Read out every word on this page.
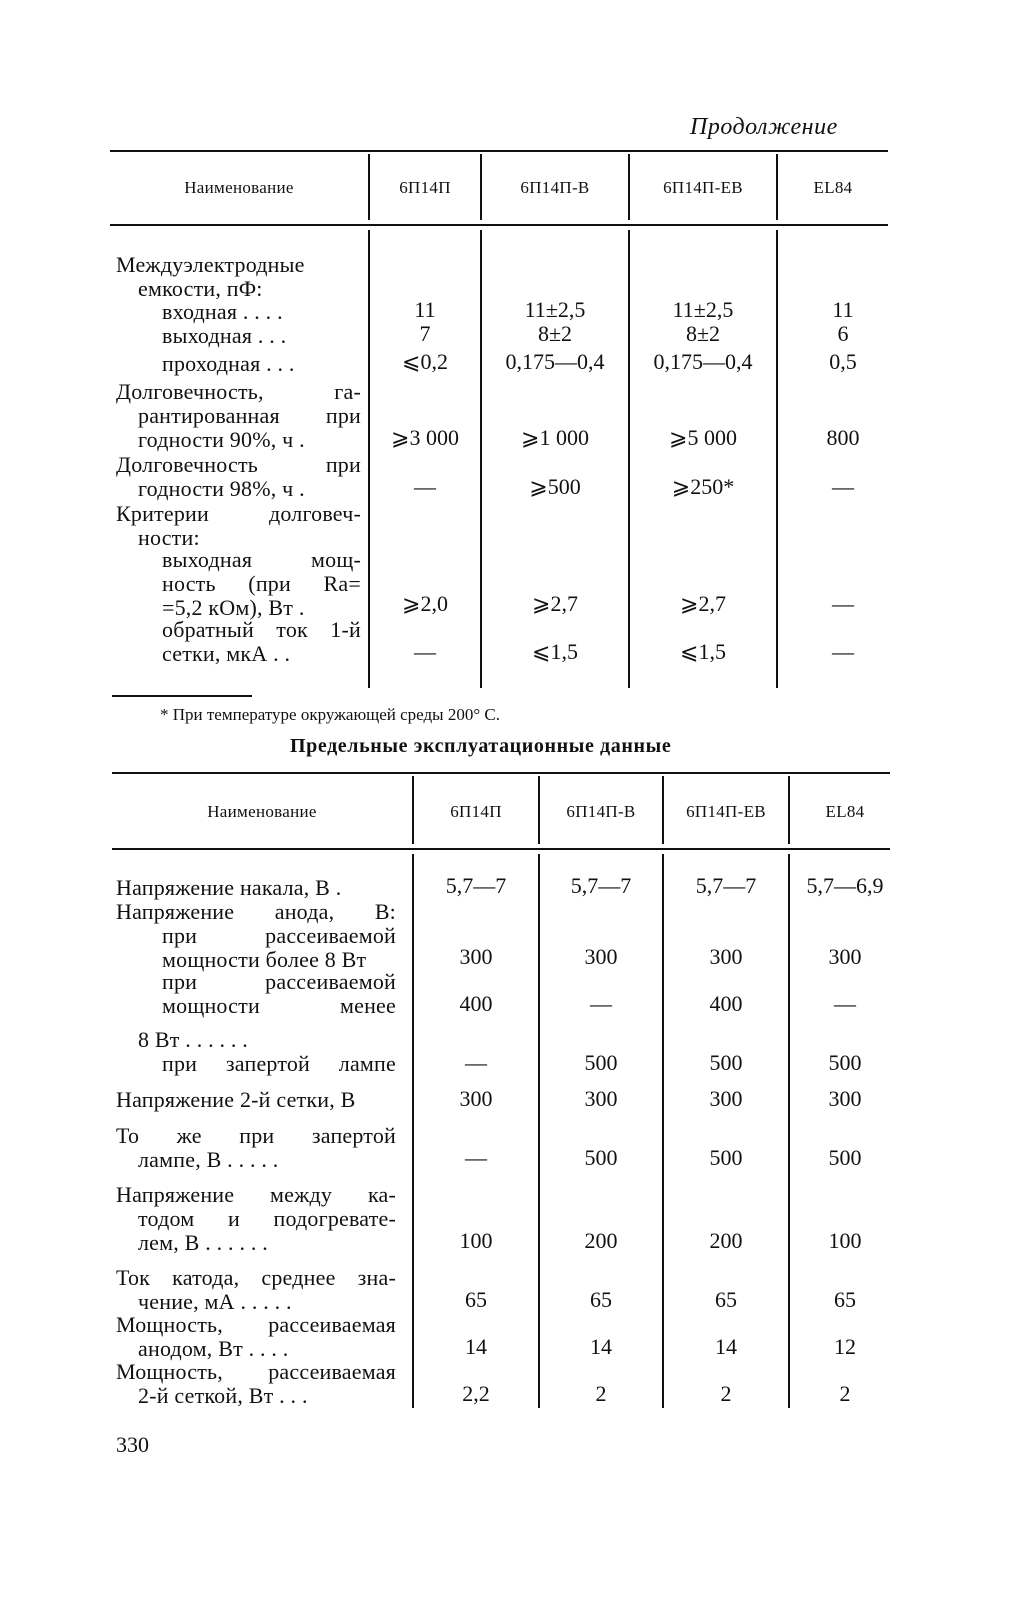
Продолжение
Наименование	6П14П	6П14П-В	6П14П-ЕВ	EL84
Междуэлектродные
емкости, пФ:
входная . . . .	11	11±2,5	11±2,5	11
выходная . . .	7	8±2	8±2	6
проходная . . .	⩽0,2	0,175—0,4	0,175—0,4	0,5
Долговечность, га-
рантированная при
годности 90%, ч .	⩾3 000	⩾1 000	⩾5 000	800
Долговечность при
годности 98%, ч .	—	⩾500	⩾250*	—
Критерии долговеч-
ности:
выходная мощ-
ность (при Rа=
=5,2 кОм), Вт .	⩾2,0	⩾2,7	⩾2,7	—
обратный ток 1-й
сетки, мкА . .	—	⩽1,5	⩽1,5	—
* При температуре окружающей среды 200° С.
Предельные эксплуатационные данные
Наименование	6П14П	6П14П-В	6П14П-ЕВ	EL84
Напряжение накала, В .	5,7—7	5,7—7	5,7—7	5,7—6,9
Напряжение анода, В:
при рассеиваемой
мощности более 8 Вт	300	300	300	300
при рассеиваемой
мощности менее	400	—	400	—
8 Вт . . . . . .
при запертой лампе	—	500	500	500
Напряжение 2-й сетки, В	300	300	300	300
То же при запертой
лампе, В . . . . .	—	500	500	500
Напряжение между ка-
тодом и подогревате-
лем, В . . . . . .	100	200	200	100
Ток катода, среднее зна-
чение, мА . . . . .	65	65	65	65
Мощность, рассеиваемая
анодом, Вт . . . .	14	14	14	12
Мощность, рассеиваемая
2-й сеткой, Вт . . .	2,2	2	2	2
330
